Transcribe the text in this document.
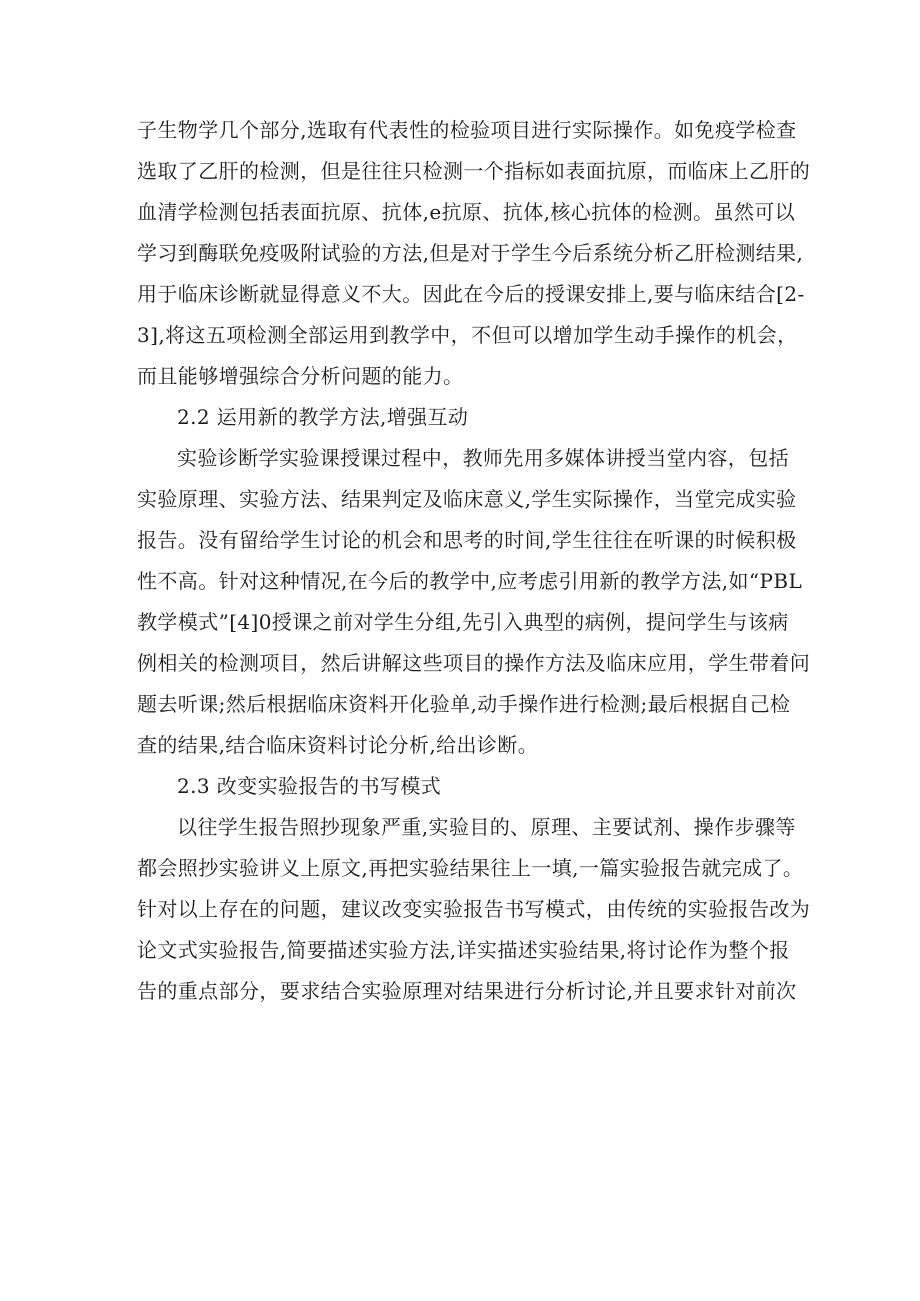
子生物学几个部分,选取有代表性的检验项目进行实际操作。如免疫学检查
选取了乙肝的检测，但是往往只检测一个指标如表面抗原，而临床上乙肝的
血清学检测包括表面抗原、抗体,e抗原、抗体,核心抗体的检测。虽然可以
学习到酶联免疫吸附试验的方法,但是对于学生今后系统分析乙肝检测结果,
用于临床诊断就显得意义不大。因此在今后的授课安排上,要与临床结合[2-
3],将这五项检测全部运用到教学中，不但可以增加学生动手操作的机会，
而且能够增强综合分析问题的能力。
2.2 运用新的教学方法,增强互动
实验诊断学实验课授课过程中，教师先用多媒体讲授当堂内容，包括
实验原理、实验方法、结果判定及临床意义,学生实际操作，当堂完成实验
报告。没有留给学生讨论的机会和思考的时间,学生往往在听课的时候积极
性不高。针对这种情况,在今后的教学中,应考虑引用新的教学方法,如“PBL
教学模式”[4]0授课之前对学生分组,先引入典型的病例，提问学生与该病
例相关的检测项目，然后讲解这些项目的操作方法及临床应用，学生带着问
题去听课;然后根据临床资料开化验单,动手操作进行检测;最后根据自己检
查的结果,结合临床资料讨论分析,给出诊断。
2.3 改变实验报告的书写模式
以往学生报告照抄现象严重,实验目的、原理、主要试剂、操作步骤等
都会照抄实验讲义上原文,再把实验结果往上一填,一篇实验报告就完成了。
针对以上存在的问题，建议改变实验报告书写模式，由传统的实验报告改为
论文式实验报告,简要描述实验方法,详实描述实验结果,将讨论作为整个报
告的重点部分，要求结合实验原理对结果进行分析讨论,并且要求针对前次
